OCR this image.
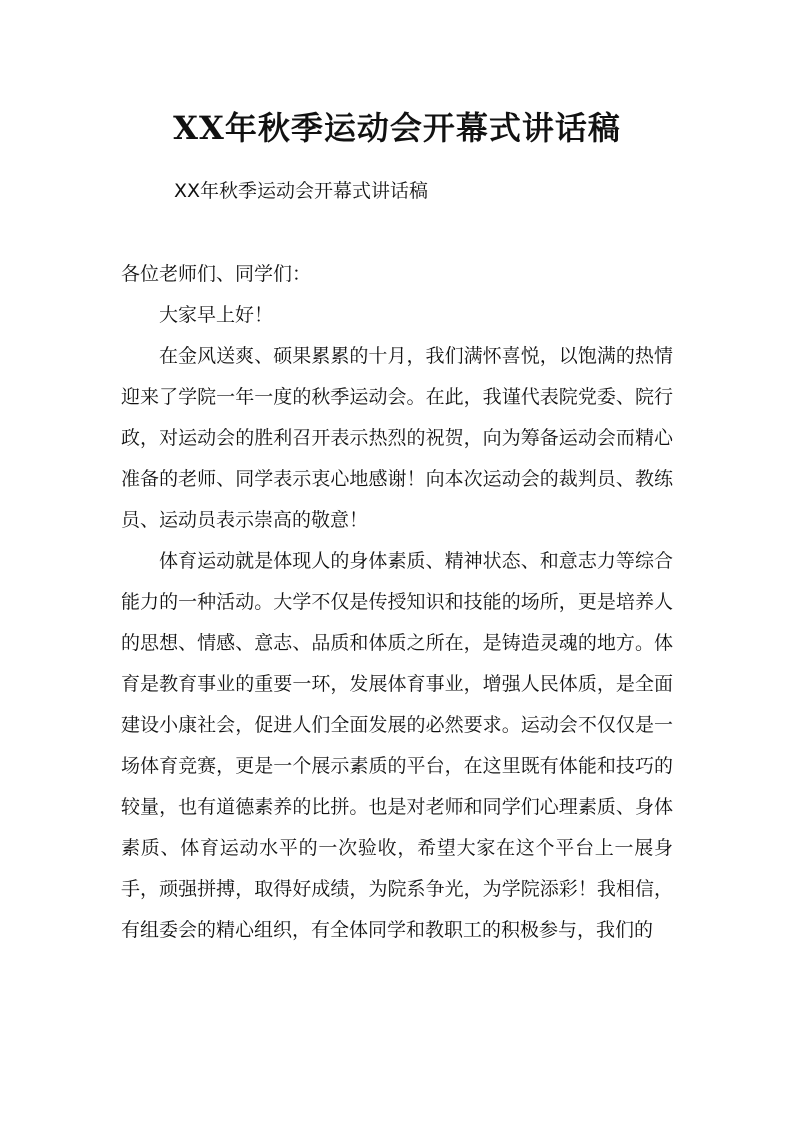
XX年秋季运动会开幕式讲话稿

XX年秋季运动会开幕式讲话稿

各位老师们、同学们：

大家早上好！

在金风送爽、硕果累累的十月，我们满怀喜悦，以饱满的热情迎来了学院一年一度的秋季运动会。在此，我谨代表院党委、院行政，对运动会的胜利召开表示热烈的祝贺，向为筹备运动会而精心准备的老师、同学表示衷心地感谢！向本次运动会的裁判员、教练员、运动员表示崇高的敬意！

体育运动就是体现人的身体素质、精神状态、和意志力等综合能力的一种活动。大学不仅是传授知识和技能的场所，更是培养人的思想、情感、意志、品质和体质之所在，是铸造灵魂的地方。体育是教育事业的重要一环，发展体育事业，增强人民体质，是全面建设小康社会，促进人们全面发展的必然要求。运动会不仅仅是一场体育竞赛，更是一个展示素质的平台，在这里既有体能和技巧的较量，也有道德素养的比拼。也是对老师和同学们心理素质、身体素质、体育运动水平的一次验收，希望大家在这个平台上一展身手，顽强拼搏，取得好成绩，为院系争光，为学院添彩！我相信，有组委会的精心组织，有全体同学和教职工的积极参与，我们的
